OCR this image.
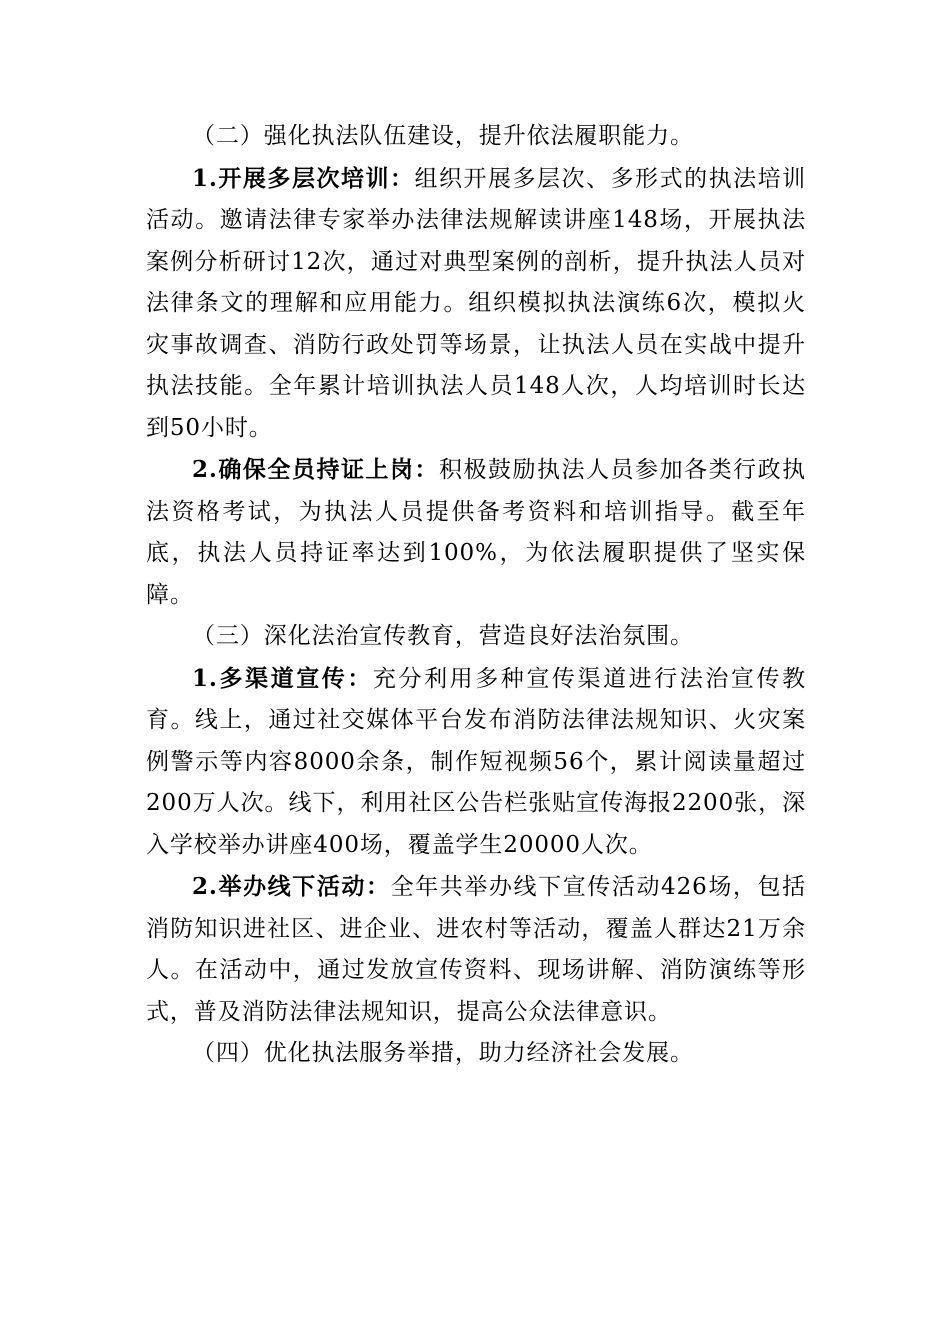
（二）强化执法队伍建设，提升依法履职能力。

1.开展多层次培训：组织开展多层次、多形式的执法培训活动。邀请法律专家举办法律法规解读讲座148场，开展执法案例分析研讨12次，通过对典型案例的剖析，提升执法人员对法律条文的理解和应用能力。组织模拟执法演练6次，模拟火灾事故调查、消防行政处罚等场景，让执法人员在实战中提升执法技能。全年累计培训执法人员148人次，人均培训时长达到50小时。

2.确保全员持证上岗：积极鼓励执法人员参加各类行政执法资格考试，为执法人员提供备考资料和培训指导。截至年底，执法人员持证率达到100%，为依法履职提供了坚实保障。

（三）深化法治宣传教育，营造良好法治氛围。

1.多渠道宣传：充分利用多种宣传渠道进行法治宣传教育。线上，通过社交媒体平台发布消防法律法规知识、火灾案例警示等内容8000余条，制作短视频56个，累计阅读量超过200万人次。线下，利用社区公告栏张贴宣传海报2200张，深入学校举办讲座400场，覆盖学生20000人次。

2.举办线下活动：全年共举办线下宣传活动426场，包括消防知识进社区、进企业、进农村等活动，覆盖人群达21万余人。在活动中，通过发放宣传资料、现场讲解、消防演练等形式，普及消防法律法规知识，提高公众法律意识。

（四）优化执法服务举措，助力经济社会发展。
